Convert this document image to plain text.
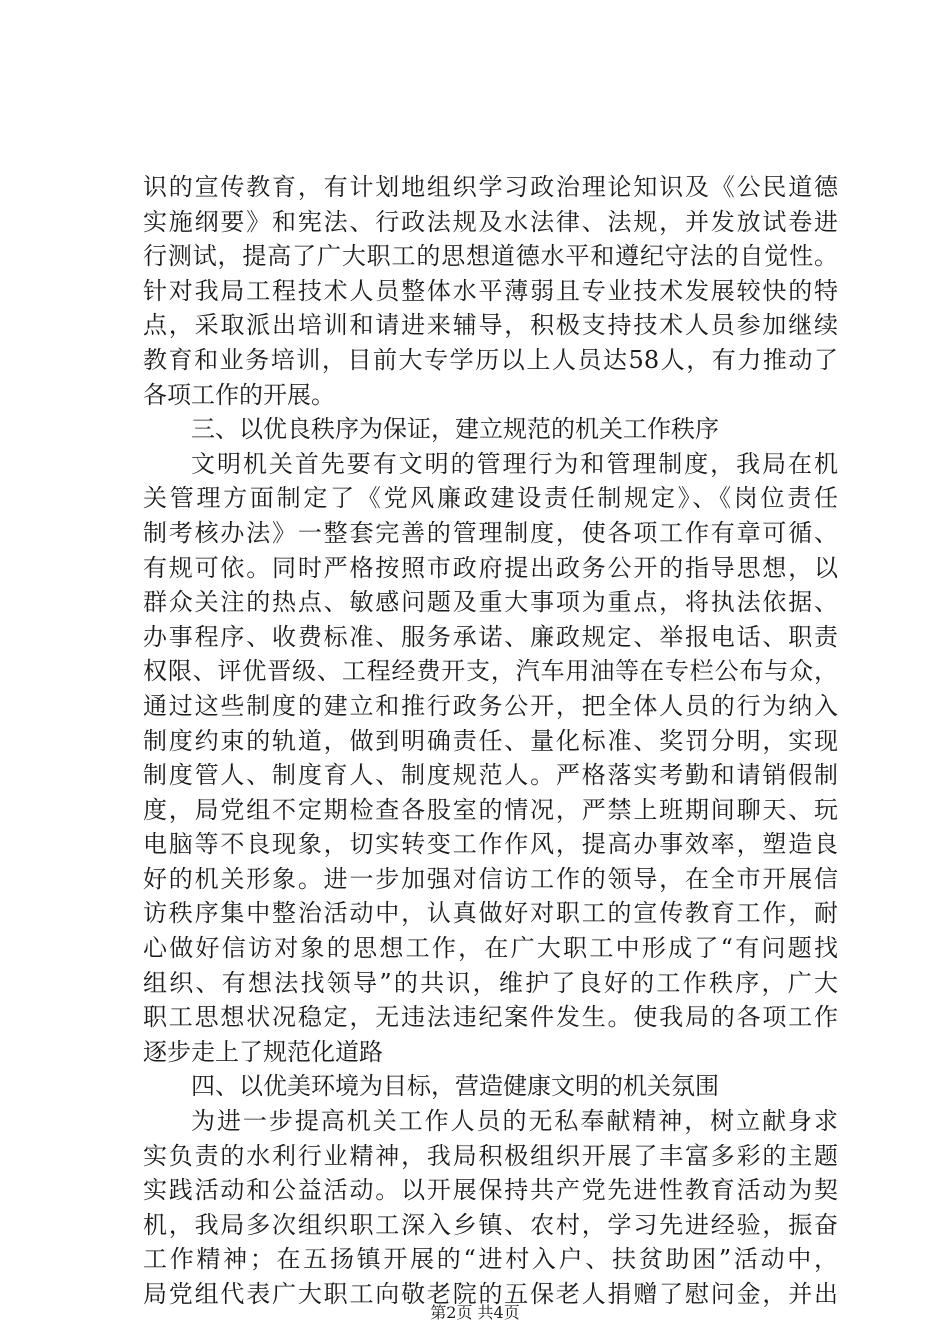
识的宣传教育，有计划地组织学习政治理论知识及《公民道德
实施纲要》和宪法、行政法规及水法律、法规，并发放试卷进
行测试，提高了广大职工的思想道德水平和遵纪守法的自觉性。
针对我局工程技术人员整体水平薄弱且专业技术发展较快的特
点，采取派出培训和请进来辅导，积极支持技术人员参加继续
教育和业务培训，目前大专学历以上人员达58人，有力推动了
各项工作的开展。
三、以优良秩序为保证，建立规范的机关工作秩序
文明机关首先要有文明的管理行为和管理制度，我局在机
关管理方面制定了《党风廉政建设责任制规定》、《岗位责任
制考核办法》一整套完善的管理制度，使各项工作有章可循、
有规可依。同时严格按照市政府提出政务公开的指导思想，以
群众关注的热点、敏感问题及重大事项为重点，将执法依据、
办事程序、收费标准、服务承诺、廉政规定、举报电话、职责
权限、评优晋级、工程经费开支，汽车用油等在专栏公布与众，
通过这些制度的建立和推行政务公开，把全体人员的行为纳入
制度约束的轨道，做到明确责任、量化标准、奖罚分明，实现
制度管人、制度育人、制度规范人。严格落实考勤和请销假制
度，局党组不定期检查各股室的情况，严禁上班期间聊天、玩
电脑等不良现象，切实转变工作作风，提高办事效率，塑造良
好的机关形象。进一步加强对信访工作的领导，在全市开展信
访秩序集中整治活动中，认真做好对职工的宣传教育工作，耐
心做好信访对象的思想工作，在广大职工中形成了“有问题找
组织、有想法找领导”的共识，维护了良好的工作秩序，广大
职工思想状况稳定，无违法违纪案件发生。使我局的各项工作
逐步走上了规范化道路
四、以优美环境为目标，营造健康文明的机关氛围
为进一步提高机关工作人员的无私奉献精神，树立献身求
实负责的水利行业精神，我局积极组织开展了丰富多彩的主题
实践活动和公益活动。以开展保持共产党先进性教育活动为契
机，我局多次组织职工深入乡镇、农村，学习先进经验，振奋
工作精神；在五扬镇开展的“进村入户、扶贫助困”活动中，
局党组代表广大职工向敬老院的五保老人捐赠了慰问金，并出
第2页 共4页
